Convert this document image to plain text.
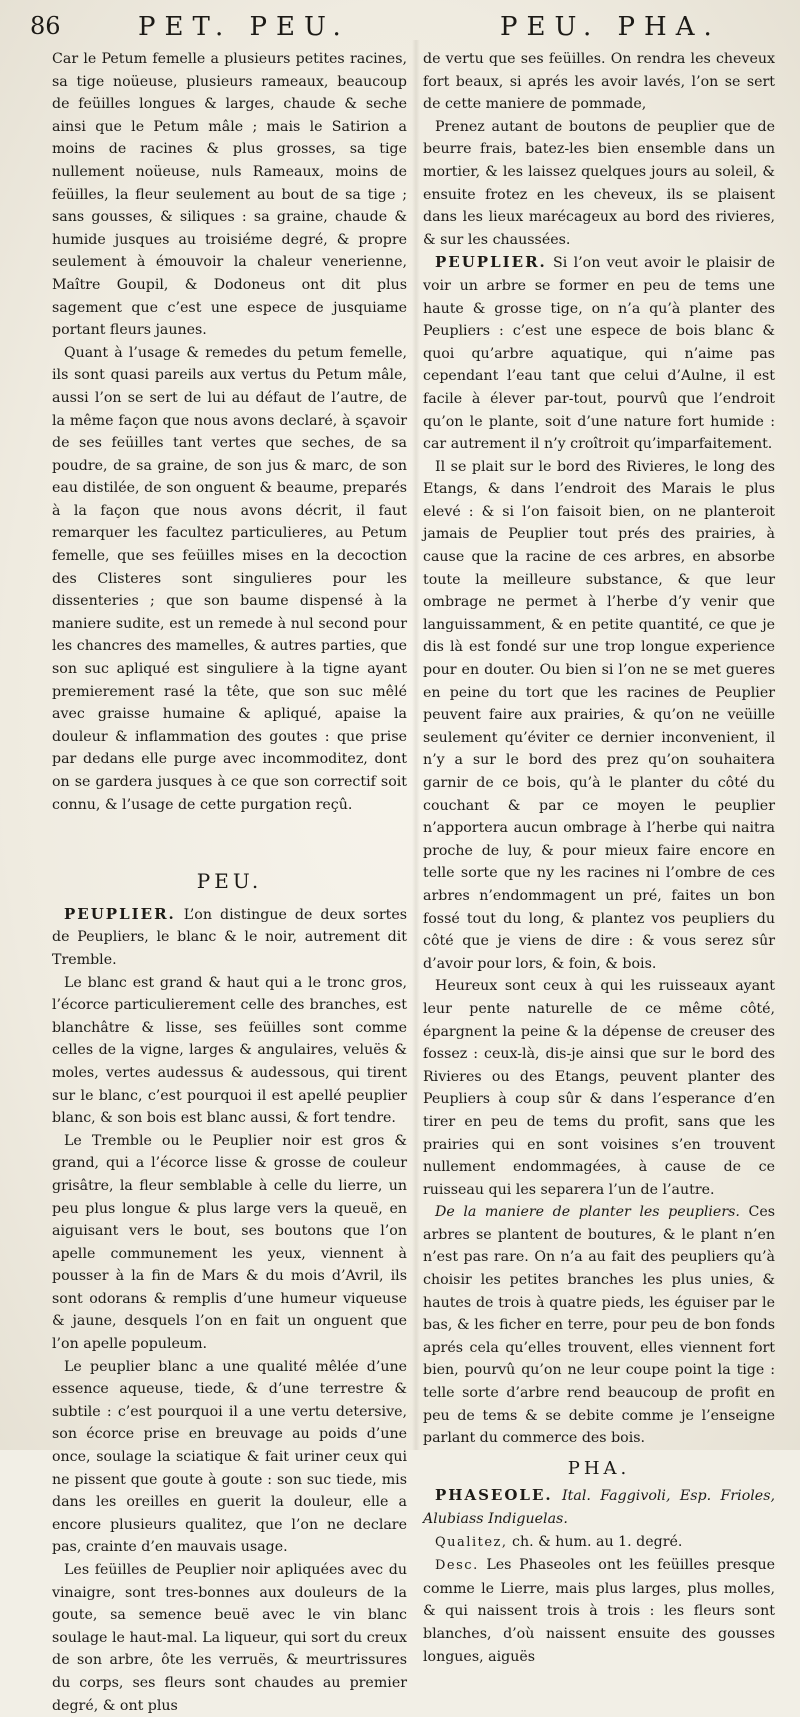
86	PET. PEU.	PEU. PHA.

Car le Petum femelle a plusieurs petites racines, sa tige noüeuse, plusieurs rameaux, beaucoup de feüilles longues & larges, chaude & seche ainsi que le Petum mâle ; mais le Satirion a moins de racines & plus grosses, sa tige nullement noüeuse, nuls Rameaux, moins de feüilles, la fleur seulement au bout de sa tige ; sans gousses, & siliques : sa graine, chaude & humide jusques au troisiéme degré, & propre seulement à émouvoir la chaleur venerienne, Maître Goupil, & Dodoneus ont dit plus sagement que c’est une espece de jusquiame portant fleurs jaunes.

Quant à l’usage & remedes du petum femelle, ils sont quasi pareils aux vertus du Petum mâle, aussi l’on se sert de lui au défaut de l’autre, de la même façon que nous avons declaré, à sçavoir de ses feüilles tant vertes que seches, de sa poudre, de sa graine, de son jus & marc, de son eau distilée, de son onguent & beaume, preparés à la façon que nous avons décrit, il faut remarquer les facultez particulieres, au Petum femelle, que ses feüilles mises en la decoction des Clisteres sont singulieres pour les dissenteries ; que son baume dispensé à la maniere sudite, est un remede à nul second pour les chancres des mamelles, & autres parties, que son suc apliqué est singuliere à la tigne ayant premierement rasé la tête, que son suc mêlé avec graisse humaine & apliqué, apaise la douleur & inflammation des goutes : que prise par dedans elle purge avec incommoditez, dont on se gardera jusques à ce que son correctif soit connu, & l’usage de cette purgation reçû.

PEU.

PEUPLIER. L’on distingue de deux sortes de Peupliers, le blanc & le noir, autrement dit Tremble.

Le blanc est grand & haut qui a le tronc gros, l’écorce particulierement celle des branches, est blanchâtre & lisse, ses feüilles sont comme celles de la vigne, larges & angulaires, veluës & moles, vertes audessus & audessous, qui tirent sur le blanc, c’est pourquoi il est apellé peuplier blanc, & son bois est blanc aussi, & fort tendre.

Le Tremble ou le Peuplier noir est gros & grand, qui a l’écorce lisse & grosse de couleur grisâtre, la fleur semblable à celle du lierre, un peu plus longue & plus large vers la queuë, en aiguisant vers le bout, ses boutons que l’on apelle communement les yeux, viennent à pousser à la fin de Mars & du mois d’Avril, ils sont odorans & remplis d’une humeur viqueuse & jaune, desquels l’on en fait un onguent que l’on apelle populeum.

Le peuplier blanc a une qualité mêlée d’une essence aqueuse, tiede, & d’une terrestre & subtile : c’est pourquoi il a une vertu detersive, son écorce prise en breuvage au poids d’une once, soulage la sciatique & fait uriner ceux qui ne pissent que goute à goute : son suc tiede, mis dans les oreilles en guerit la douleur, elle a encore plusieurs qualitez, que l’on ne declare pas, crainte d’en mauvais usage.

Les feüilles de Peuplier noir apliquées avec du vinaigre, sont tres-bonnes aux douleurs de la goute, sa semence beuë avec le vin blanc soulage le haut-mal. La liqueur, qui sort du creux de son arbre, ôte les verruës, & meurtrissures du corps, ses fleurs sont chaudes au premier degré, & ont plus

de vertu que ses feüilles. On rendra les cheveux fort beaux, si aprés les avoir lavés, l’on se sert de cette maniere de pommade,

Prenez autant de boutons de peuplier que de beurre frais, batez-les bien ensemble dans un mortier, & les laissez quelques jours au soleil, & ensuite frotez en les cheveux, ils se plaisent dans les lieux marécageux au bord des rivieres, & sur les chaussées.

PEUPLIER. Si l’on veut avoir le plaisir de voir un arbre se former en peu de tems une haute & grosse tige, on n’a qu’à planter des Peupliers : c’est une espece de bois blanc & quoi qu’arbre aquatique, qui n’aime pas cependant l’eau tant que celui d’Aulne, il est facile à élever par-tout, pourvû que l’endroit qu’on le plante, soit d’une nature fort humide : car autrement il n’y croîtroit qu’imparfaitement.

Il se plait sur le bord des Rivieres, le long des Etangs, & dans l’endroit des Marais le plus elevé : & si l’on faisoit bien, on ne planteroit jamais de Peuplier tout prés des prairies, à cause que la racine de ces arbres, en absorbe toute la meilleure substance, & que leur ombrage ne permet à l’herbe d’y venir que languissamment, & en petite quantité, ce que je dis là est fondé sur une trop longue experience pour en douter. Ou bien si l’on ne se met gueres en peine du tort que les racines de Peuplier peuvent faire aux prairies, & qu’on ne veüille seulement qu’éviter ce dernier inconvenient, il n’y a sur le bord des prez qu’on souhaitera garnir de ce bois, qu’à le planter du côté du couchant & par ce moyen le peuplier n’apportera aucun ombrage à l’herbe qui naitra proche de luy, & pour mieux faire encore en telle sorte que ny les racines ni l’ombre de ces arbres n’endommagent un pré, faites un bon fossé tout du long, & plantez vos peupliers du côté que je viens de dire : & vous serez sûr d’avoir pour lors, & foin, & bois.

Heureux sont ceux à qui les ruisseaux ayant leur pente naturelle de ce même côté, épargnent la peine & la dépense de creuser des fossez : ceux-là, dis-je ainsi que sur le bord des Rivieres ou des Etangs, peuvent planter des Peupliers à coup sûr & dans l’esperance d’en tirer en peu de tems du profit, sans que les prairies qui en sont voisines s’en trouvent nullement endommagées, à cause de ce ruisseau qui les separera l’un de l’autre.

De la maniere de planter les peupliers. Ces arbres se plantent de boutures, & le plant n’en n’est pas rare. On n’a au fait des peupliers qu’à choisir les petites branches les plus unies, & hautes de trois à quatre pieds, les éguiser par le bas, & les ficher en terre, pour peu de bon fonds aprés cela qu’elles trouvent, elles viennent fort bien, pourvû qu’on ne leur coupe point la tige : telle sorte d’arbre rend beaucoup de profit en peu de tems & se debite comme je l’enseigne parlant du commerce des bois.

PHA.

PHASEOLE. Ital. Faggivoli, Esp. Frioles, Alubiass Indiguelas.

Qualitez, ch. & hum. au 1. degré.

Desc. Les Phaseoles ont les feüilles presque comme le Lierre, mais plus larges, plus molles, & qui naissent trois à trois : les fleurs sont blanches, d’où naissent ensuite des gousses longues, aiguës
